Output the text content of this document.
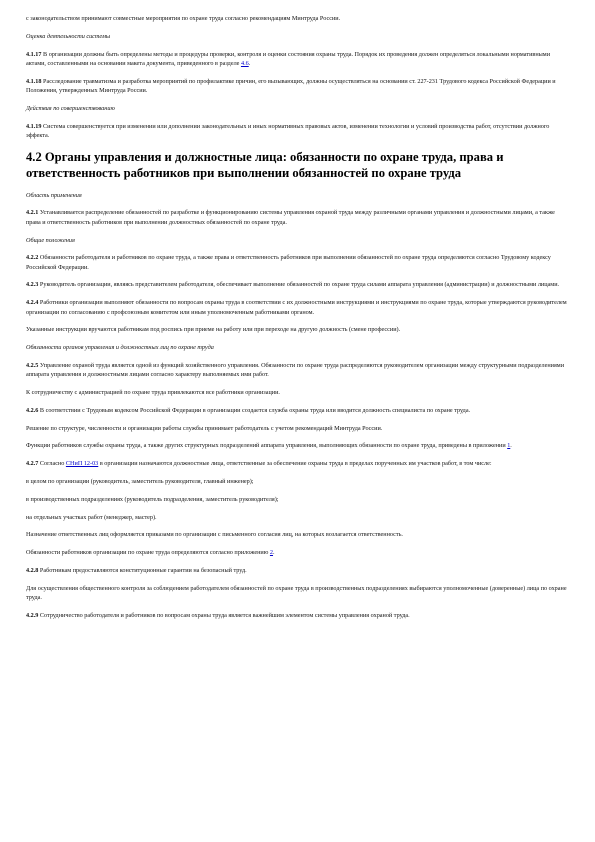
с законодательством принимают совместные мероприятия по охране труда согласно рекомендациям Минтруда России.

Оценка деятельности системы

4.1.17 В организации должны быть определены методы и процедуры проверки, контроля и оценки состояния охраны труда. Порядок их проведения должен определяться локальными нормативными актами, составленными на основании макета документа, приведенного в разделе 4.6.

4.1.18 Расследование травматизма и разработка мероприятий по профилактике причин, его вызывающих, должны осуществляться на основании ст. 227-231 Трудового кодекса Российской Федерации и Положения, утвержденных Минтруда России.

Действия по совершенствованию

4.1.19 Система совершенствуется при изменении или дополнении законодательных и иных нормативных правовых актов, изменении технологии и условий производства работ, отсутствии должного эффекта.

4.2 Органы управления и должностные лица: обязанности по охране труда, права и ответственность работников при выполнении обязанностей по охране труда

Область применения

4.2.1 Устанавливается распределение обязанностей по разработке и функционированию системы управления охраной труда между различными органами управления и должностными лицами, а также права и ответственность работников при выполнении должностных обязанностей по охране труда.

Общие положения

4.2.2 Обязанности работодателя и работников по охране труда, а также права и ответственность работников при выполнении обязанностей по охране труда определяются согласно Трудовому кодексу Российской Федерации.

4.2.3 Руководитель организации, являясь представителем работодателя, обеспечивает выполнение обязанностей по охране труда силами аппарата управления (администрации) и должностными лицами.

4.2.4 Работники организации выполняют обязанности по вопросам охраны труда в соответствии с их должностными инструкциями и инструкциями по охране труда, которые утверждаются руководителем организации по согласованию с профсоюзным комитетом или иным уполномоченным работниками органом.

Указанные инструкции вручаются работникам под роспись при приеме на работу или при переходе на другую должность (смене профессии).

Обязанности органов управления и должностных лиц по охране труда

4.2.5 Управление охраной труда является одной из функций хозяйственного управления. Обязанности по охране труда распределяются руководителем организации между структурными подразделениями аппарата управления и должностными лицами согласно характеру выполняемых ими работ.

К сотрудничеству с администрацией по охране труда привлекаются все работники организации.

4.2.6 В соответствии с Трудовым кодексом Российской Федерации в организации создается служба охраны труда или вводится должность специалиста по охране труда.

Решение по структуре, численности и организации работы службы принимает работодатель с учетом рекомендаций Минтруда России.

Функции работников службы охраны труда, а также других структурных подразделений аппарата управления, выполняющих обязанности по охране труда, приведены в приложении 1.

4.2.7 Согласно СНиП 12-03 в организации назначаются должностные лица, ответственные за обеспечение охраны труда в пределах порученных им участков работ, в том числе:

в целом по организации (руководитель, заместитель руководителя, главный инженер);

в производственных подразделениях (руководитель подразделения, заместитель руководителя);

на отдельных участках работ (менеджер, мастер).

Назначение ответственных лиц оформляется приказами по организации с письменного согласия лиц, на которых возлагается ответственность.

Обязанности работников организации по охране труда определяются согласно приложению 2.

4.2.8 Работникам предоставляются конституционные гарантии на безопасный труд.

Для осуществления общественного контроля за соблюдением работодателем обязанностей по охране труда в производственных подразделениях выбираются уполномоченные (доверенные) лица по охране труда.

4.2.9 Сотрудничество работодателя и работников по вопросам охраны труда является важнейшим элементом системы управления охраной труда.
